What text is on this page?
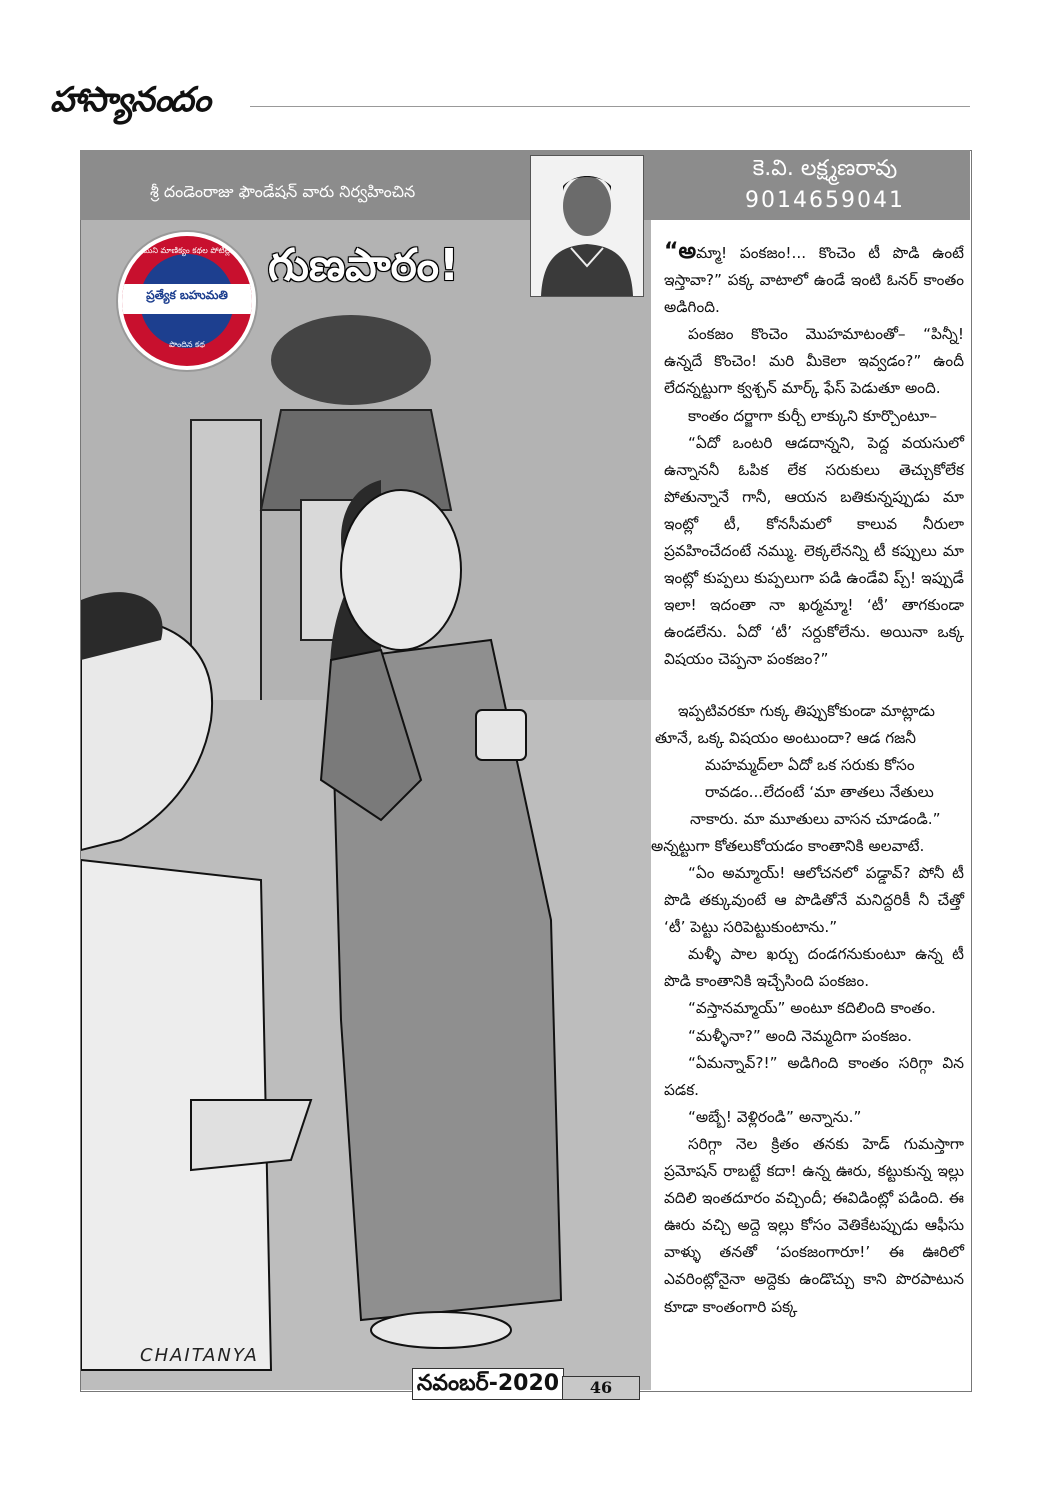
హాస్యానందం
శ్రీ దండెంరాజు ఫౌండేషన్ వారు నిర్వహించిన
కె.వి. లక్ష్మణరావు
9014659041
ముని మాణిక్యం కథల పోటీల్లో
ప్రత్యేక బహుమతి
పొందిన కథ
గుణపాఠం!
CHAITANYA

“అమ్మా! పంకజం!... కొంచెం టీ పొడి ఉంటే ఇస్తావా?” పక్క వాటాలో ఉండే ఇంటి ఓనర్ కాంతం అడిగింది.

పంకజం కొంచెం మొహమాటంతో– “పిన్నీ! ఉన్నదే కొంచెం! మరి మీకెలా ఇవ్వడం?” ఉందీ లేదన్నట్టుగా క్వశ్చన్ మార్క్ ఫేస్ పెడుతూ అంది.

కాంతం దర్జాగా కుర్చీ లాక్కుని కూర్చొంటూ–

“ఏదో ఒంటరి ఆడదాన్నని, పెద్ద వయసులో ఉన్నాననీ ఓపిక లేక సరుకులు తెచ్చుకోలేక పోతున్నానే గానీ, ఆయన బతికున్నప్పుడు మా ఇంట్లో టీ, కోనసీమలో కాలువ నీరులా ప్రవహించేదంటే నమ్ము. లెక్కలేనన్ని టీ కప్పులు మా ఇంట్లో కుప్పలు కుప్పలుగా పడి ఉండేవి ప్చ్! ఇప్పుడే ఇలా! ఇదంతా నా ఖర్మమ్మా! ‘టీ’ తాగకుండా ఉండలేను. ఏదో ‘టీ’ సర్దుకోలేను. అయినా ఒక్క విషయం చెప్పనా పంకజం?”

ఇప్పటివరకూ గుక్క తిప్పుకోకుండా మాట్లాడు
తూనే, ఒక్క విషయం అంటుందా? ఆడ గజనీ
మహమ్మద్‌లా ఏదో ఒక సరుకు కోసం
రావడం...లేదంటే ‘మా తాతలు నేతులు
నాకారు. మా మూతులు వాసన చూడండి.”
అన్నట్టుగా కోతలుకోయడం కాంతానికి అలవాటే.

“ఏం అమ్మాయ్! ఆలోచనలో పడ్డావ్? పోనీ టీ పొడి తక్కువుంటే ఆ పొడితోనే మనిద్దరికీ నీ చేత్తో ‘టీ’ పెట్టు సరిపెట్టుకుంటాను.”

మళ్ళీ పాల ఖర్చు దండగనుకుంటూ ఉన్న టీ పొడి కాంతానికి ఇచ్చేసింది పంకజం.

“వస్తానమ్మాయ్” అంటూ కదిలింది కాంతం.

“మళ్ళీనా?” అంది నెమ్మదిగా పంకజం.

“ఏమన్నావ్?!” అడిగింది కాంతం సరిగ్గా విన పడక.

“అబ్బే! వెళ్లిరండి” అన్నాను.”

సరిగ్గా నెల క్రితం తనకు హెడ్ గుమస్తాగా ప్రమోషన్ రాబట్టే కదా! ఉన్న ఊరు, కట్టుకున్న ఇల్లు వదిలి ఇంతదూరం వచ్చిందీ; ఈవిడింట్లో పడింది. ఈ ఊరు వచ్చి అద్దె ఇల్లు కోసం వెతికేటప్పుడు ఆఫీసు వాళ్ళు తనతో ‘పంకజంగారూ!’ ఈ ఊరిలో ఎవరింట్లోనైనా అద్దెకు ఉండొచ్చు కాని పొరపాటున కూడా కాంతంగారి పక్క

నవంబర్-2020	46
